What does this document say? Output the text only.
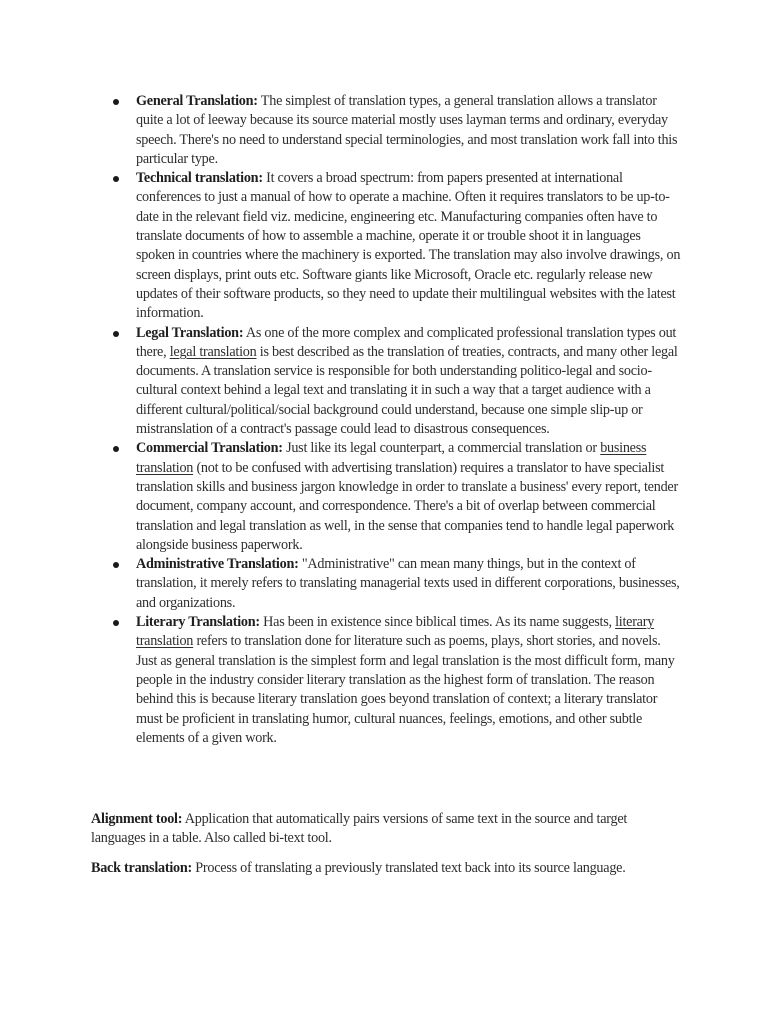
General Translation: The simplest of translation types, a general translation allows a translator quite a lot of leeway because its source material mostly uses layman terms and ordinary, everyday speech. There's no need to understand special terminologies, and most translation work fall into this particular type.
Technical translation: It covers a broad spectrum: from papers presented at international conferences to just a manual of how to operate a machine. Often it requires translators to be up-to-date in the relevant field viz. medicine, engineering etc. Manufacturing companies often have to translate documents of how to assemble a machine, operate it or trouble shoot it in languages spoken in countries where the machinery is exported. The translation may also involve drawings, on screen displays, print outs etc. Software giants like Microsoft, Oracle etc. regularly release new updates of their software products, so they need to update their multilingual websites with the latest information.
Legal Translation: As one of the more complex and complicated professional translation types out there, legal translation is best described as the translation of treaties, contracts, and many other legal documents. A translation service is responsible for both understanding politico-legal and socio-cultural context behind a legal text and translating it in such a way that a target audience with a different cultural/political/social background could understand, because one simple slip-up or mistranslation of a contract's passage could lead to disastrous consequences.
Commercial Translation: Just like its legal counterpart, a commercial translation or business translation (not to be confused with advertising translation) requires a translator to have specialist translation skills and business jargon knowledge in order to translate a business' every report, tender document, company account, and correspondence. There's a bit of overlap between commercial translation and legal translation as well, in the sense that companies tend to handle legal paperwork alongside business paperwork.
Administrative Translation: "Administrative" can mean many things, but in the context of translation, it merely refers to translating managerial texts used in different corporations, businesses, and organizations.
Literary Translation: Has been in existence since biblical times. As its name suggests, literary translation refers to translation done for literature such as poems, plays, short stories, and novels. Just as general translation is the simplest form and legal translation is the most difficult form, many people in the industry consider literary translation as the highest form of translation. The reason behind this is because literary translation goes beyond translation of context; a literary translator must be proficient in translating humor, cultural nuances, feelings, emotions, and other subtle elements of a given work.

Alignment tool: Application that automatically pairs versions of same text in the source and target languages in a table. Also called bi-text tool.

Back translation: Process of translating a previously translated text back into its source language.
